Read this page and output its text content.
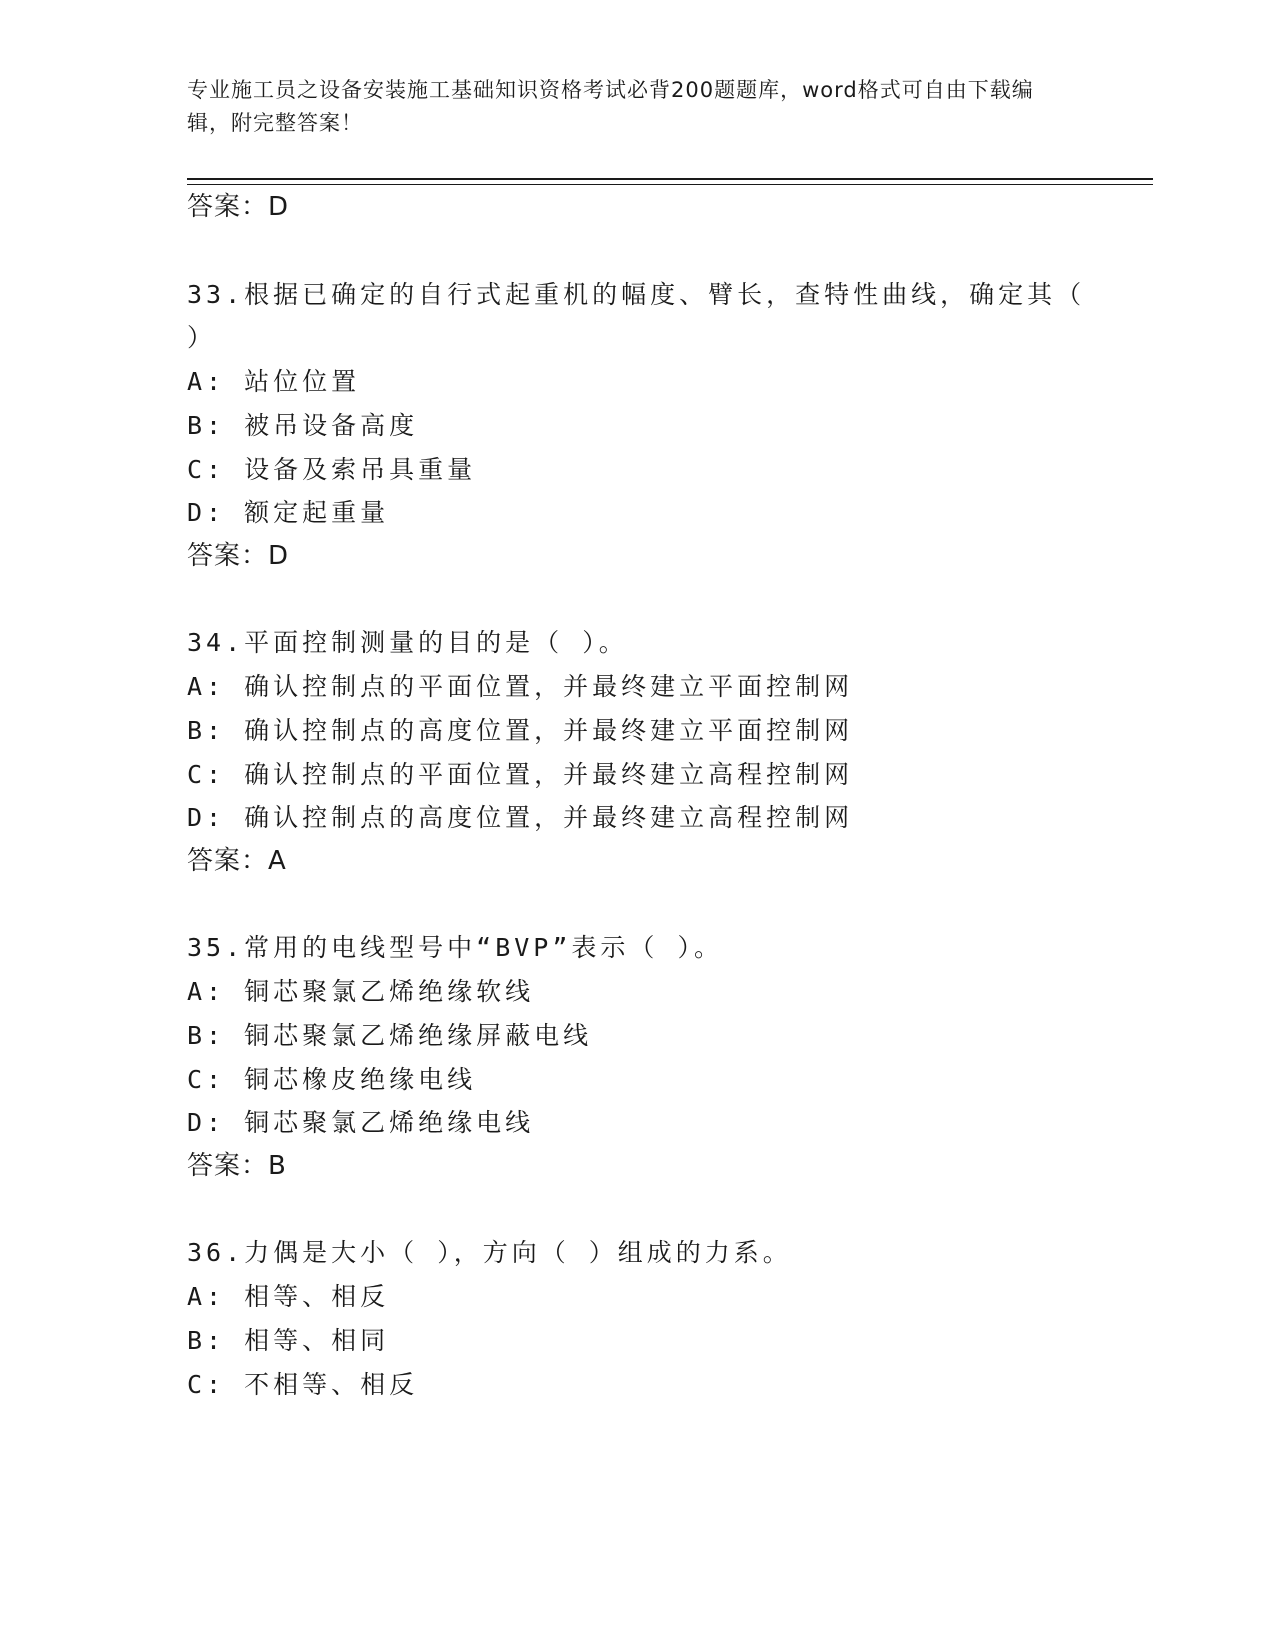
专业施工员之设备安装施工基础知识资格考试必背200题题库，word格式可自由下载编辑，附完整答案！
答案：D
33.根据已确定的自行式起重机的幅度、臂长，查特性曲线，确定其（
）
A: 站位位置
B: 被吊设备高度
C: 设备及索吊具重量
D: 额定起重量
答案：D
34.平面控制测量的目的是（ ）。
A: 确认控制点的平面位置，并最终建立平面控制网
B: 确认控制点的高度位置，并最终建立平面控制网
C: 确认控制点的平面位置，并最终建立高程控制网
D: 确认控制点的高度位置，并最终建立高程控制网
答案：A
35.常用的电线型号中“BVP”表示（ ）。
A: 铜芯聚氯乙烯绝缘软线
B: 铜芯聚氯乙烯绝缘屏蔽电线
C: 铜芯橡皮绝缘电线
D: 铜芯聚氯乙烯绝缘电线
答案：B
36.力偶是大小（ ），方向（ ）组成的力系。
A: 相等、相反
B: 相等、相同
C: 不相等、相反
